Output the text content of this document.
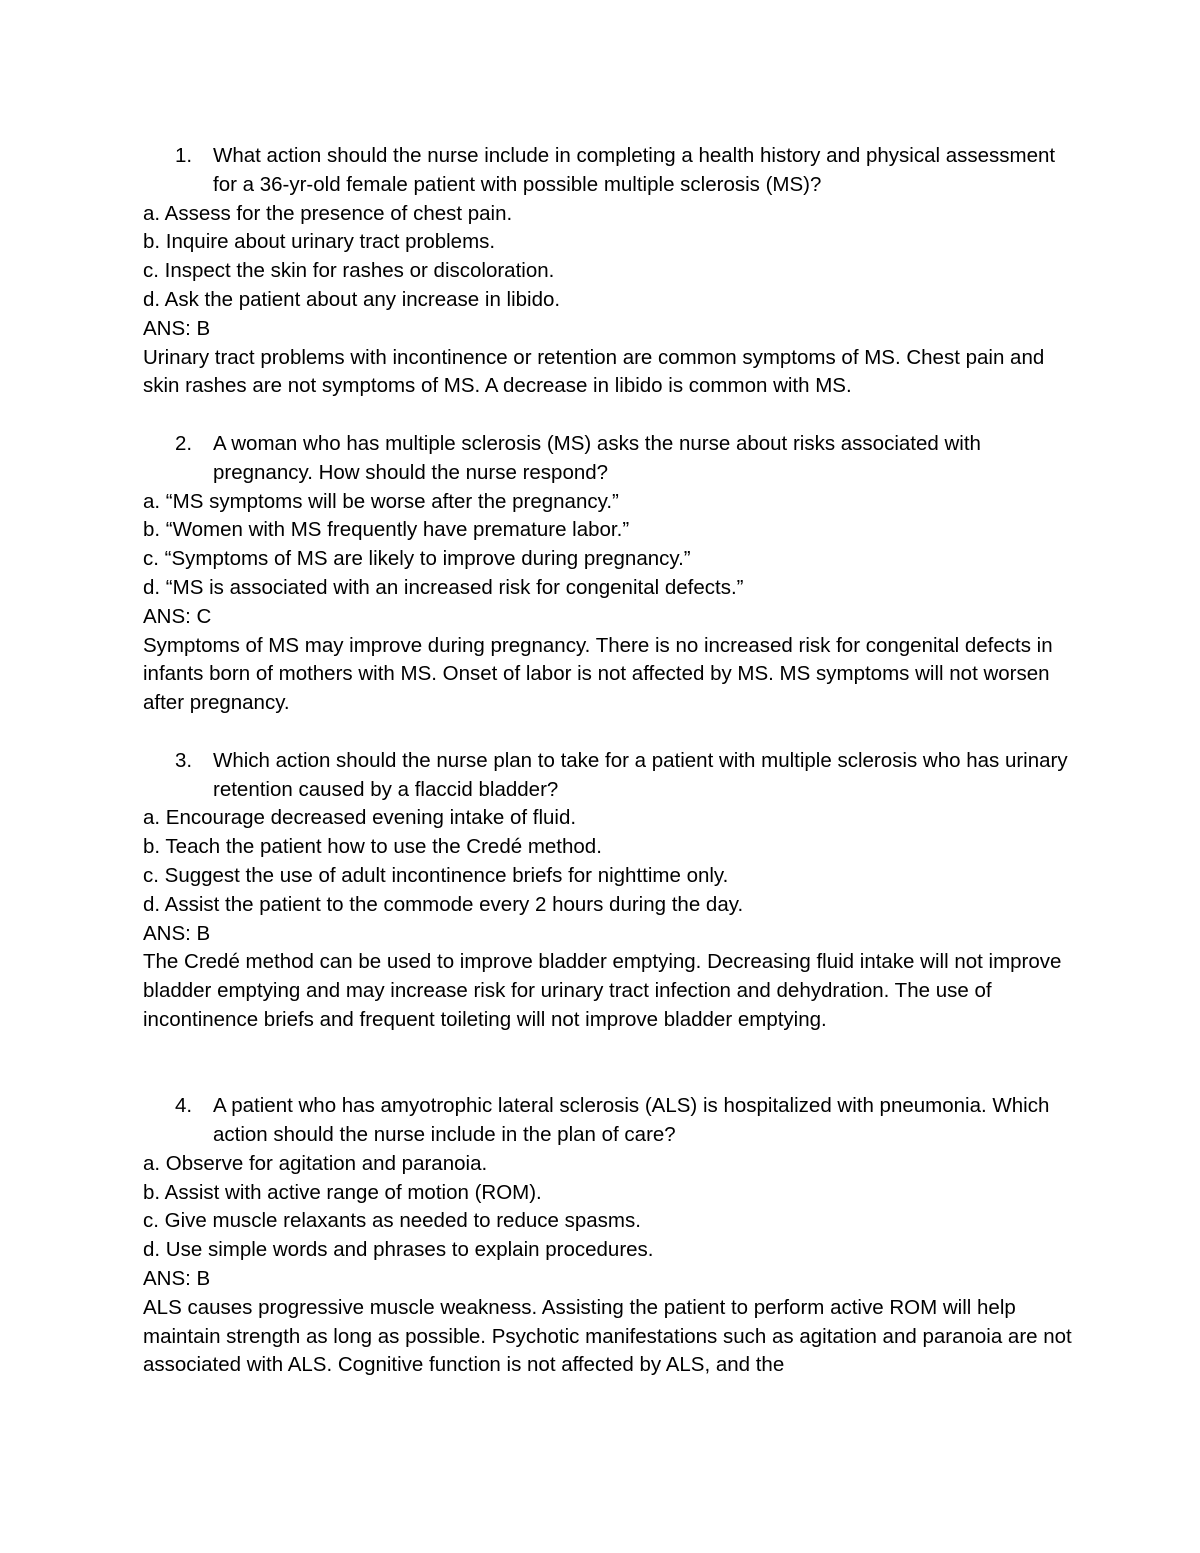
1. What action should the nurse include in completing a health history and physical assessment for a 36-yr-old female patient with possible multiple sclerosis (MS)?
a. Assess for the presence of chest pain.
b. Inquire about urinary tract problems.
c. Inspect the skin for rashes or discoloration.
d. Ask the patient about any increase in libido.
ANS: B
Urinary tract problems with incontinence or retention are common symptoms of MS. Chest pain and skin rashes are not symptoms of MS. A decrease in libido is common with MS.
2. A woman who has multiple sclerosis (MS) asks the nurse about risks associated with pregnancy. How should the nurse respond?
a. “MS symptoms will be worse after the pregnancy.”
b. “Women with MS frequently have premature labor.”
c. “Symptoms of MS are likely to improve during pregnancy.”
d. “MS is associated with an increased risk for congenital defects.”
ANS: C
Symptoms of MS may improve during pregnancy. There is no increased risk for congenital defects in infants born of mothers with MS. Onset of labor is not affected by MS. MS symptoms will not worsen after pregnancy.
3. Which action should the nurse plan to take for a patient with multiple sclerosis who has urinary retention caused by a flaccid bladder?
a. Encourage decreased evening intake of fluid.
b. Teach the patient how to use the Credé method.
c. Suggest the use of adult incontinence briefs for nighttime only.
d. Assist the patient to the commode every 2 hours during the day.
ANS: B
The Credé method can be used to improve bladder emptying. Decreasing fluid intake will not improve bladder emptying and may increase risk for urinary tract infection and dehydration. The use of incontinence briefs and frequent toileting will not improve bladder emptying.
4. A patient who has amyotrophic lateral sclerosis (ALS) is hospitalized with pneumonia. Which action should the nurse include in the plan of care?
a. Observe for agitation and paranoia.
b. Assist with active range of motion (ROM).
c. Give muscle relaxants as needed to reduce spasms.
d. Use simple words and phrases to explain procedures.
ANS: B
ALS causes progressive muscle weakness. Assisting the patient to perform active ROM will help maintain strength as long as possible. Psychotic manifestations such as agitation and paranoia are not associated with ALS. Cognitive function is not affected by ALS, and the
